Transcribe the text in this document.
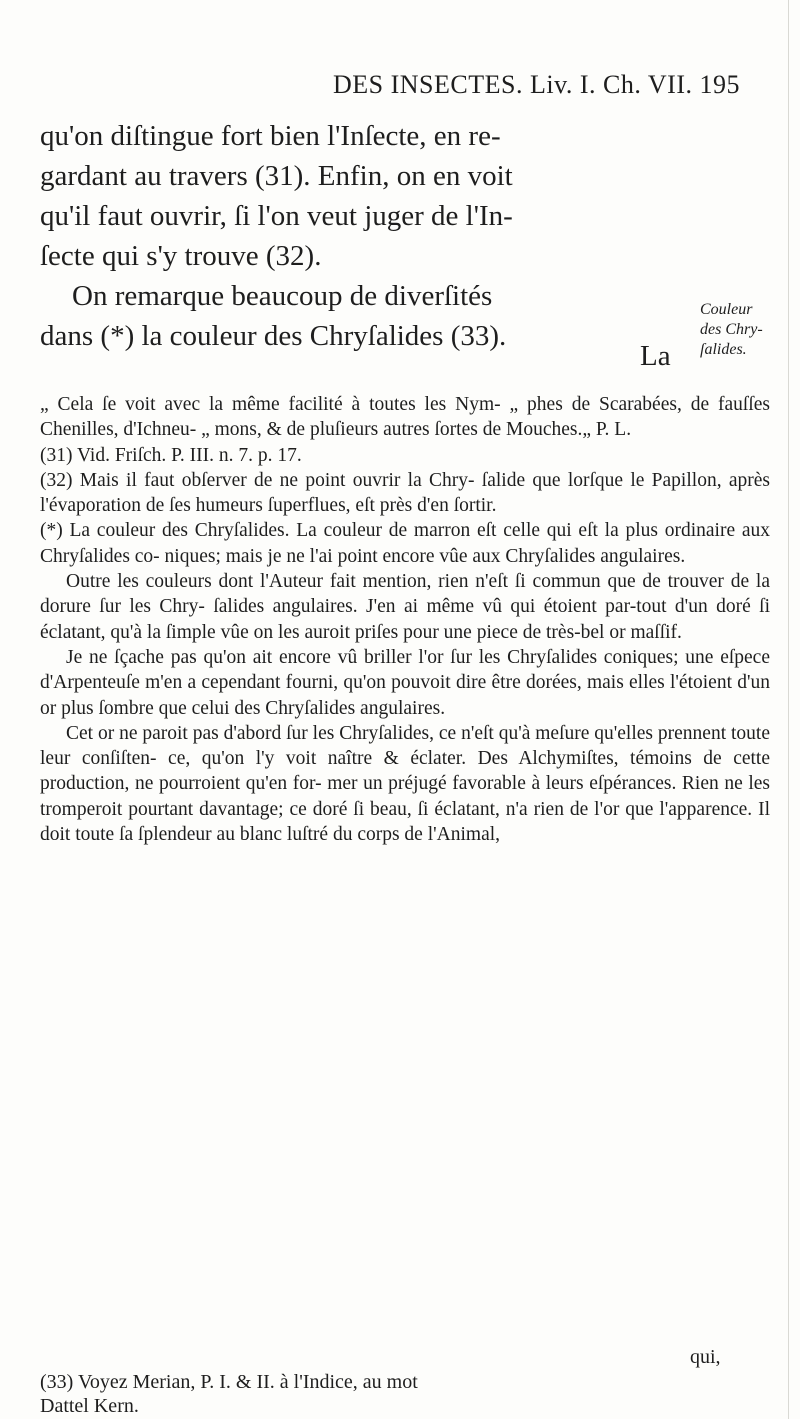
DES INSECTES. Liv. I. Ch. VII. 195

qu'on diſtingue fort bien l'Inſecte, en re-

gardant au travers (31). Enfin, on en voit

qu'il faut ouvrir, ſi l'on veut juger de l'In-

ſecte qui s'y trouve (32).

On remarque beaucoup de diverſités

dans (*) la couleur des Chryſalides (33).

La
Couleur
des Chry-
ſalides.

„ Cela ſe voit avec la même facilité à toutes les Nym- „ phes de Scarabées, de fauſſes Chenilles, d'Ichneu- „ mons, & de pluſieurs autres ſortes de Mouches.„ P. L.

(31) Vid. Friſch. P. III. n. 7. p. 17.

(32) Mais il faut obſerver de ne point ouvrir la Chry- ſalide que lorſque le Papillon, après l'évaporation de ſes humeurs ſuperflues, eſt près d'en ſortir.

(*) La couleur des Chryſalides. La couleur de marron eſt celle qui eſt la plus ordinaire aux Chryſalides co- niques; mais je ne l'ai point encore vûe aux Chryſalides angulaires.

Outre les couleurs dont l'Auteur fait mention, rien n'eſt ſi commun que de trouver de la dorure ſur les Chry- ſalides angulaires. J'en ai même vû qui étoient par-tout d'un doré ſi éclatant, qu'à la ſimple vûe on les auroit priſes pour une piece de très-bel or maſſif.

Je ne ſçache pas qu'on ait encore vû briller l'or ſur les Chryſalides coniques; une eſpece d'Arpenteuſe m'en a cependant fourni, qu'on pouvoit dire être dorées, mais elles l'étoient d'un or plus ſombre que celui des Chryſalides angulaires.

Cet or ne paroit pas d'abord ſur les Chryſalides, ce n'eſt qu'à meſure qu'elles prennent toute leur conſiſten- ce, qu'on l'y voit naître & éclater. Des Alchymiſtes, témoins de cette production, ne pourroient qu'en for- mer un préjugé favorable à leurs eſpérances. Rien ne les tromperoit pourtant davantage; ce doré ſi beau, ſi éclatant, n'a rien de l'or que l'apparence. Il doit toute ſa ſplendeur au blanc luſtré du corps de l'Animal,

qui,

(33) Voyez Merian, P. I. & II. à l'Indice, au mot

Dattel Kern.
